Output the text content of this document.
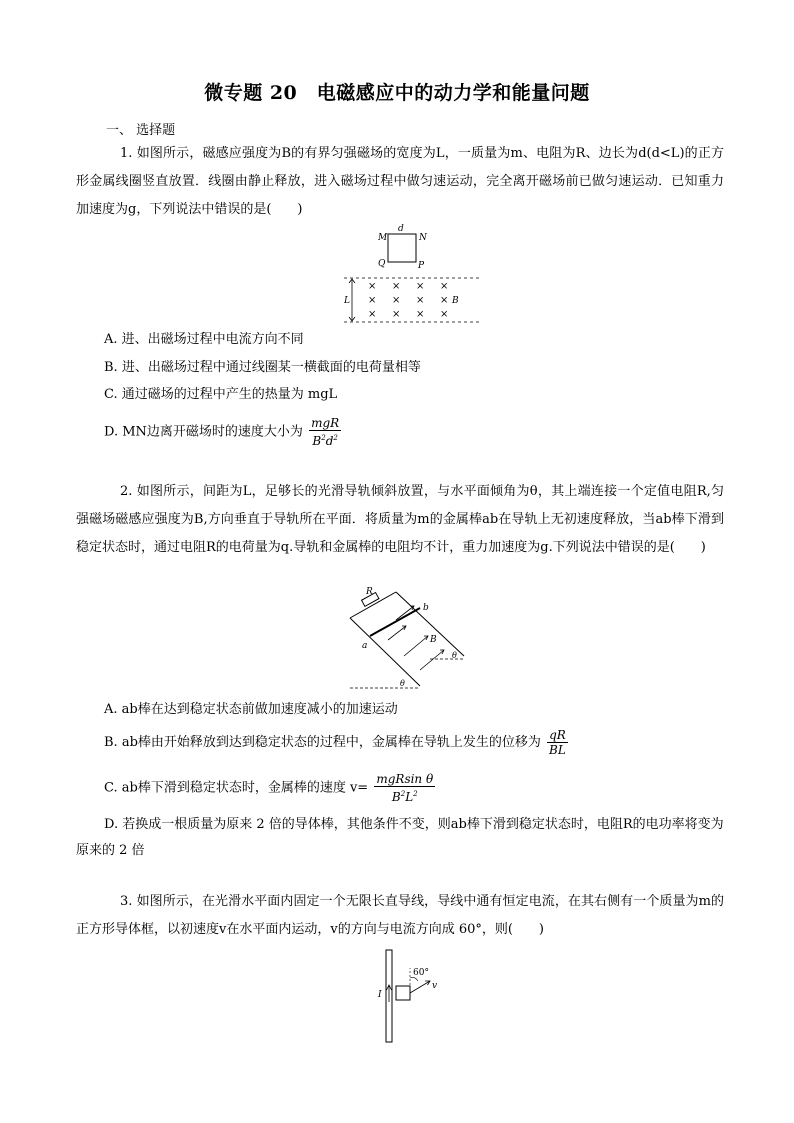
微专题 20　电磁感应中的动力学和能量问题
一、 选择题
1. 如图所示，磁感应强度为B的有界匀强磁场的宽度为L，一质量为m、电阻为R、边长为d(d<L)的正方形金属线圈竖直放置．线圈由静止释放，进入磁场过程中做匀速运动，完全离开磁场前已做匀速运动．已知重力加速度为g，下列说法中错误的是(　　)
M	N
Q	P
d
L
× × × ×
× × × ×
× × × ×
B
A. 进、出磁场过程中电流方向不同
B. 进、出磁场过程中通过线圈某一横截面的电荷量相等
C. 通过磁场的过程中产生的热量为 mgL
D. MN边离开磁场时的速度大小为 $\frac{\text{mgR}}{B^2d^2}$
2. 如图所示，间距为L，足够长的光滑导轨倾斜放置，与水平面倾角为θ，其上端连接一个定值电阻R,匀强磁场磁感应强度为B,方向垂直于导轨所在平面．将质量为m的金属棒ab在导轨上无初速度释放，当ab棒下滑到稳定状态时，通过电阻R的电荷量为q.导轨和金属棒的电阻均不计，重力加速度为g.下列说法中错误的是(　　)
R
a
b
B
θ
θ
A. ab棒在达到稳定状态前做加速度减小的加速运动
B. ab棒由开始释放到达到稳定状态的过程中，金属棒在导轨上发生的位移为 $\frac{qR}{BL}$
C. ab棒下滑到稳定状态时，金属棒的速度 $v= \frac{\text{mgRsin θ}}{B^2L^2}$
D. 若换成一根质量为原来 2 倍的导体棒，其他条件不变，则ab棒下滑到稳定状态时，电阻R的电功率将变为原来的 2 倍
3. 如图所示，在光滑水平面内固定一个无限长直导线，导线中通有恒定电流，在其右侧有一个质量为m的正方形导体框，以初速度v在水平面内运动，v的方向与电流方向成 60°，则(　　)
I
60°
v
